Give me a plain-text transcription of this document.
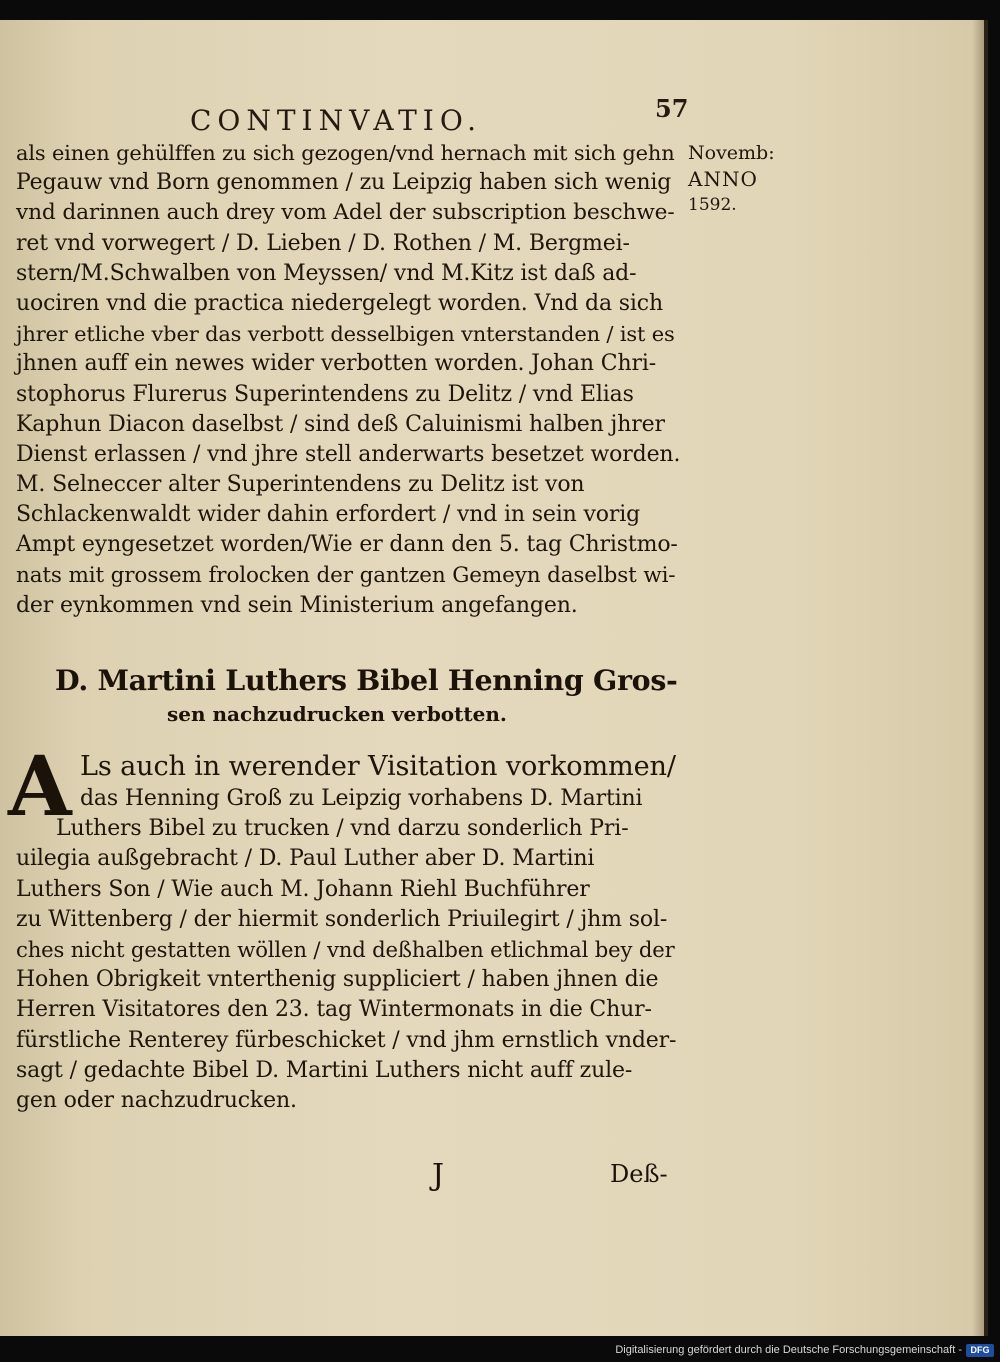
CONTINVATIO.	57
Novemb:
ANNO
1592.
als einen gehülffen zu sich gezogen/vnd hernach mit sich gehn
Pegauw vnd Born genommen / zu Leipzig haben sich wenig
vnd darinnen auch drey vom Adel der subscription beschwe-
ret vnd vorwegert / D. Lieben / D. Rothen / M. Bergmei-
stern/M.Schwalben von Meyssen/ vnd M.Kitz ist daß ad-
uociren vnd die practica niedergelegt worden. Vnd da sich
jhrer etliche vber das verbott desselbigen vnterstanden / ist es
jhnen auff ein newes wider verbotten worden. Johan Chri-
stophorus Flurerus Superintendens zu Delitz / vnd Elias
Kaphun Diacon daselbst / sind deß Caluinismi halben jhrer
Dienst erlassen / vnd jhre stell anderwarts besetzet worden.
M. Selneccer alter Superintendens zu Delitz ist von
Schlackenwaldt wider dahin erfordert / vnd in sein vorig
Ampt eyngesetzet worden/Wie er dann den 5. tag Christmo-
nats mit grossem frolocken der gantzen Gemeyn daselbst wi-
der eynkommen vnd sein Ministerium angefangen.
D. Martini Luthers Bibel Henning Gros-
sen nachzudrucken verbotten.
A Ls auch in werender Visitation vorkommen/
das Henning Groß zu Leipzig vorhabens D. Martini
Luthers Bibel zu trucken / vnd darzu sonderlich Pri-
uilegia außgebracht / D. Paul Luther aber D. Martini
Luthers Son / Wie auch M. Johann Riehl Buchführer
zu Wittenberg / der hiermit sonderlich Priuilegirt / jhm sol-
ches nicht gestatten wöllen / vnd deßhalben etlichmal bey der
Hohen Obrigkeit vnterthenig suppliciert / haben jhnen die
Herren Visitatores den 23. tag Wintermonats in die Chur-
fürstliche Renterey fürbeschicket / vnd jhm ernstlich vnder-
sagt / gedachte Bibel D. Martini Luthers nicht auff zule-
gen oder nachzudrucken.
J	Deß-
Digitalisierung gefördert durch die Deutsche Forschungsgemeinschaft - DFG
